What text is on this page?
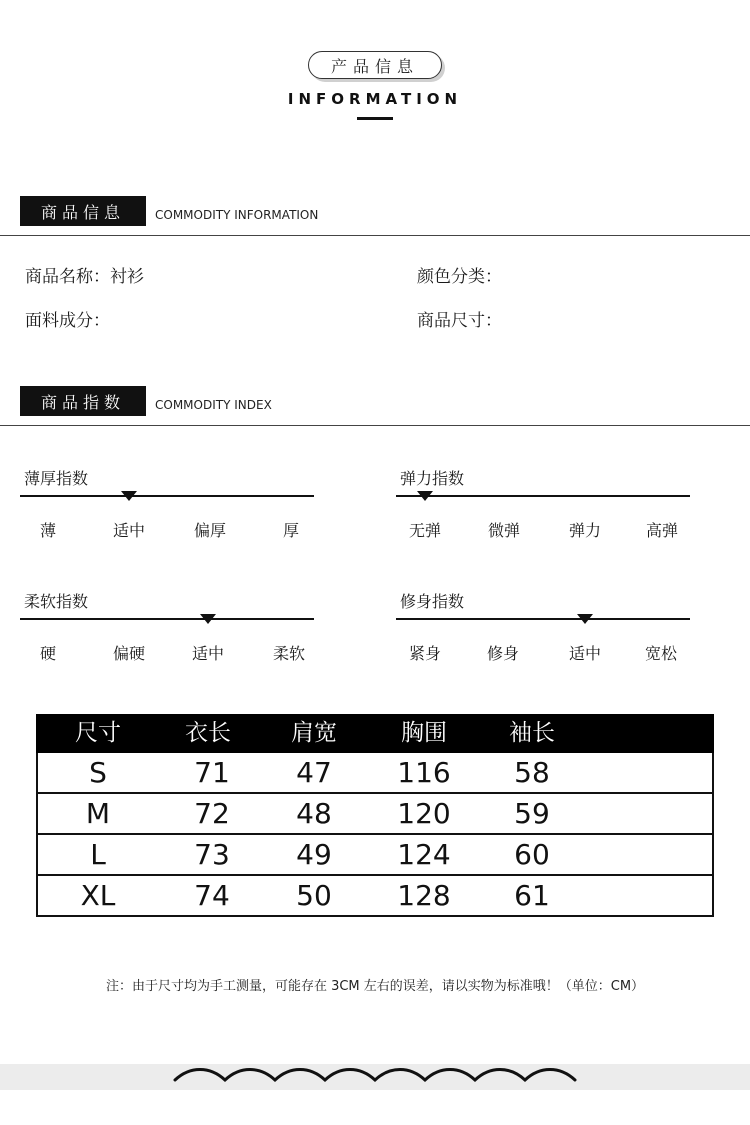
产品信息
INFORMATION
商品信息	COMMODITY INFORMATION
商品名称：衬衫	颜色分类：
面料成分：	商品尺寸：
商品指数	COMMODITY INDEX
薄厚指数
薄	适中	偏厚	厚
弹力指数
无弹	微弹	弹力	高弹
柔软指数
硬	偏硬	适中	柔软
修身指数
紧身	修身	适中	宽松
尺寸	衣长	肩宽	胸围	袖长
S	71	47	116	58
M	72	48	120	59
L	73	49	124	60
XL	74	50	128	61
注：由于尺寸均为手工测量，可能存在 3CM 左右的误差，请以实物为标准哦！（单位：CM）
